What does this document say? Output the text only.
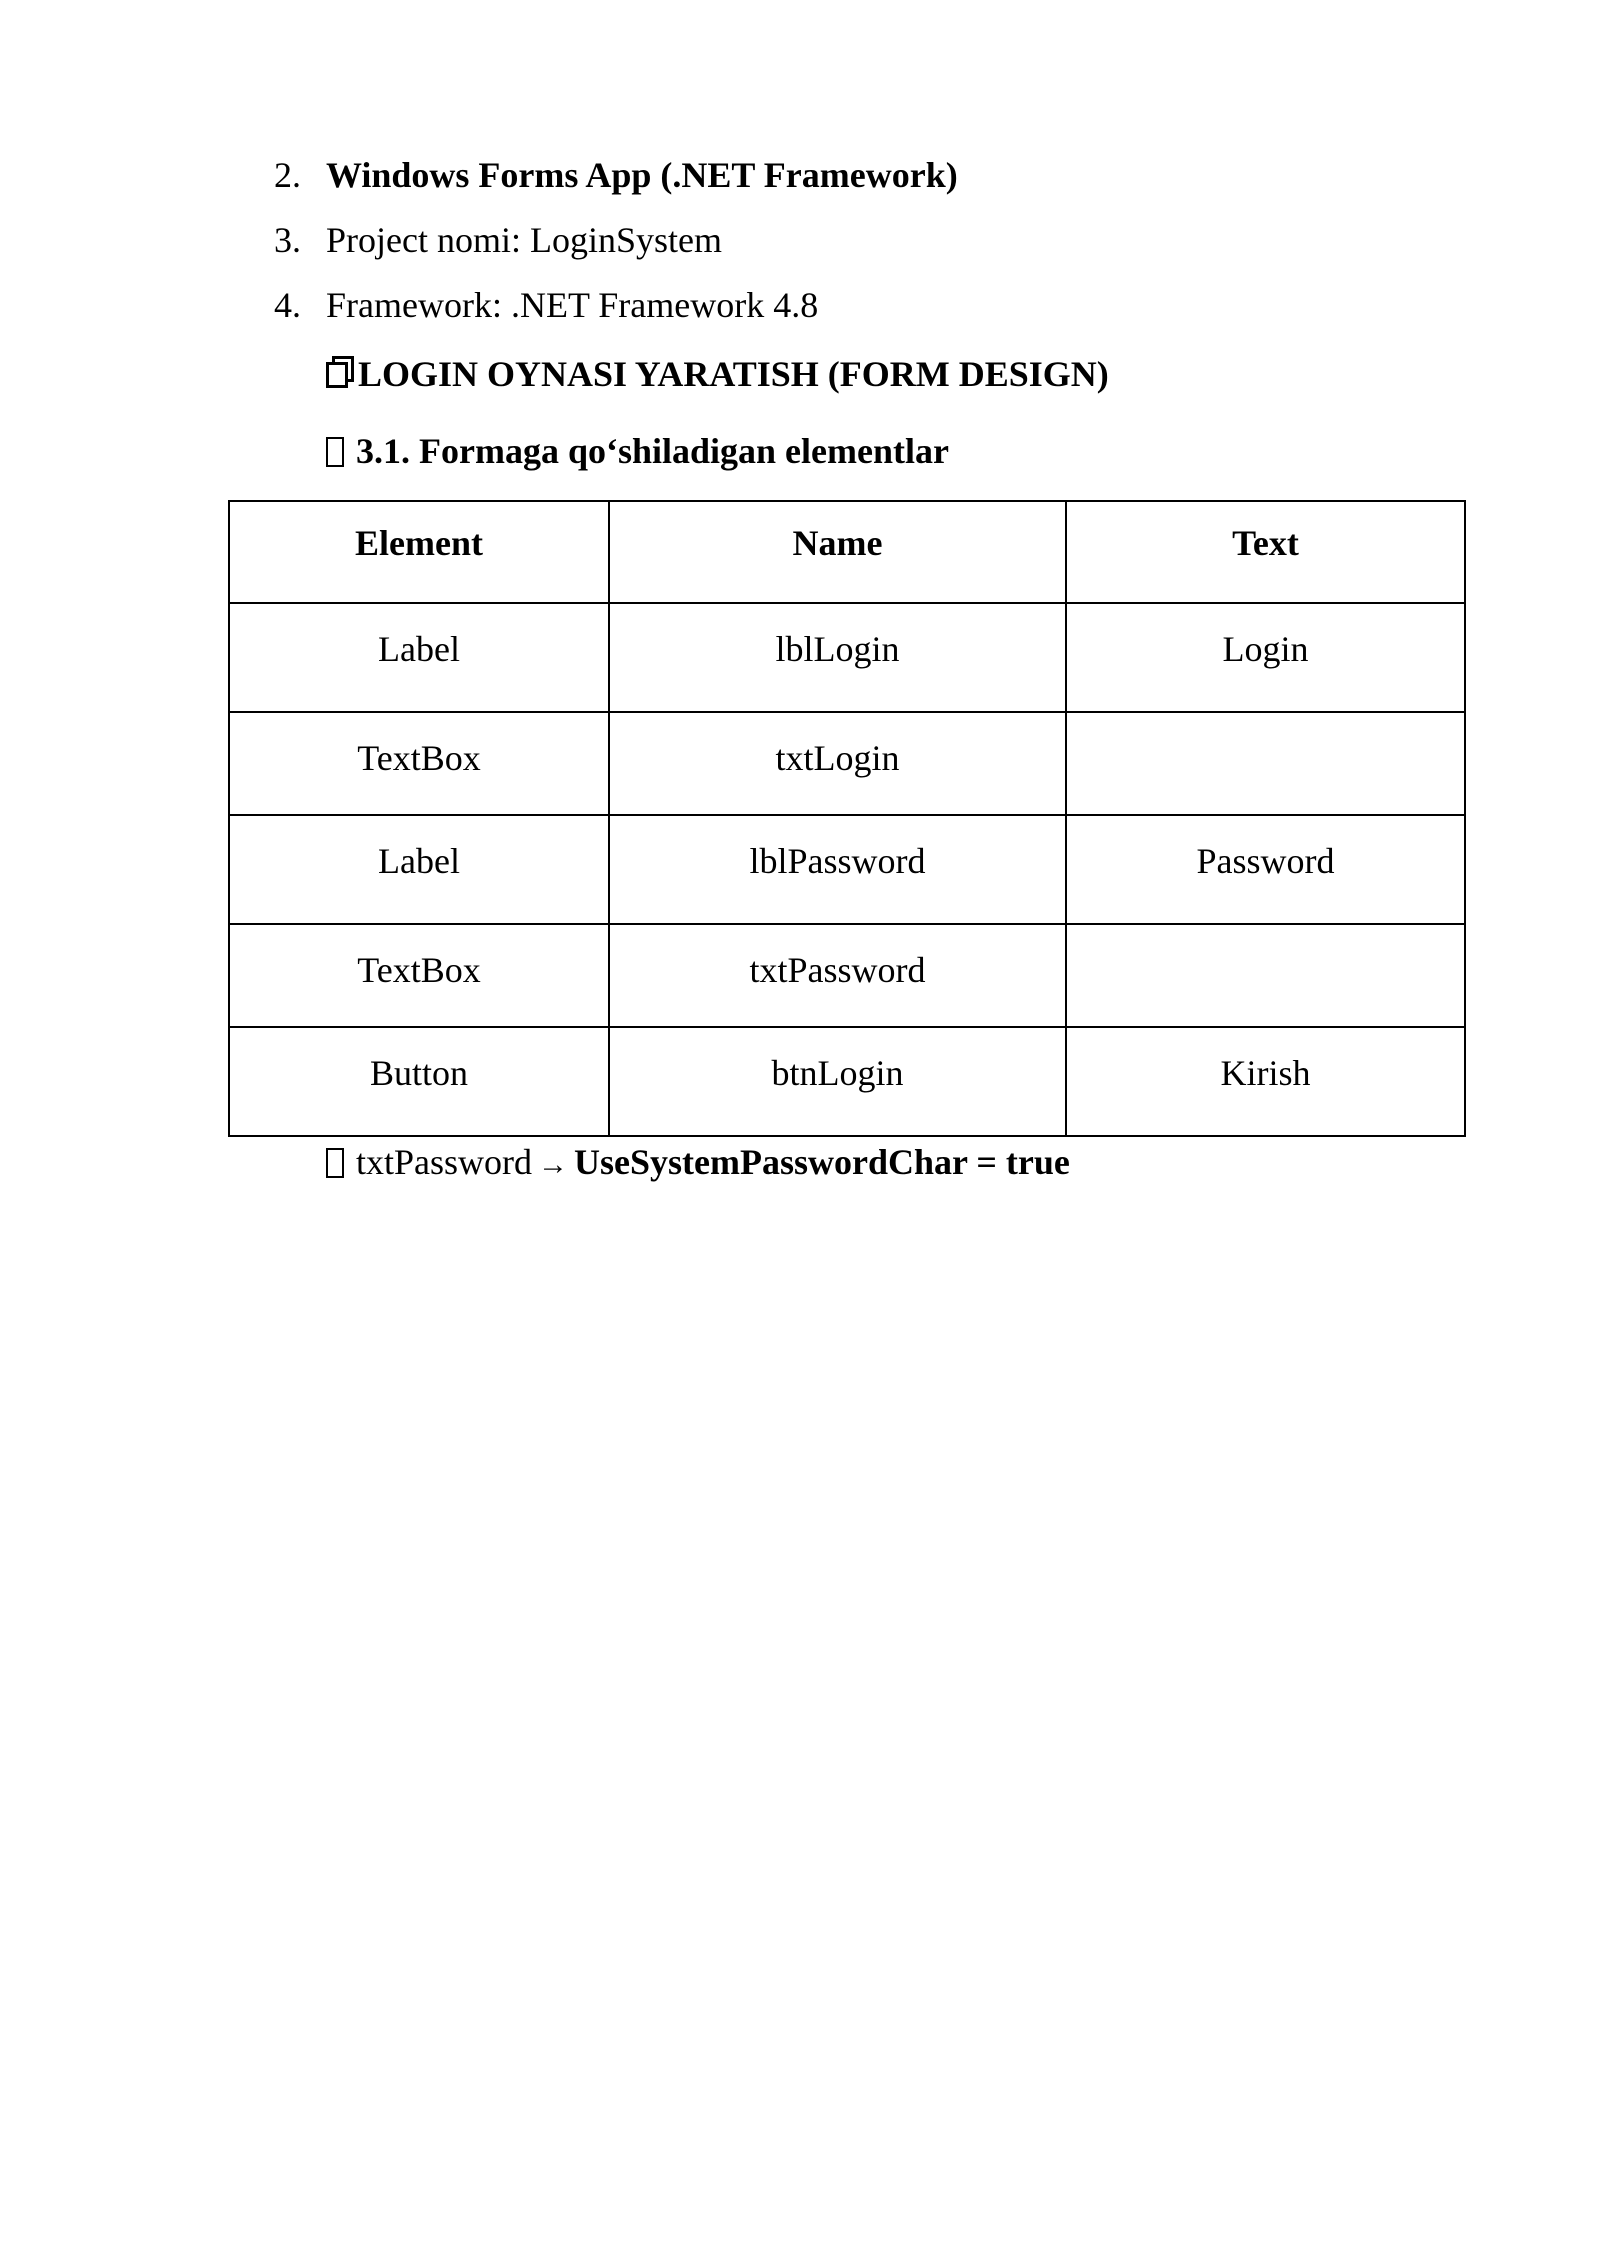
2. Windows Forms App (.NET Framework)
3. Project nomi: LoginSystem
4. Framework: .NET Framework 4.8
LOGIN OYNASI YARATISH (FORM DESIGN)
3.1. Formaga qo‘shiladigan elementlar
Element	Name	Text
Label	lblLogin	Login
TextBox	txtLogin	
Label	lblPassword	Password
TextBox	txtPassword	
Button	btnLogin	Kirish
txtPassword → UseSystemPasswordChar = true
